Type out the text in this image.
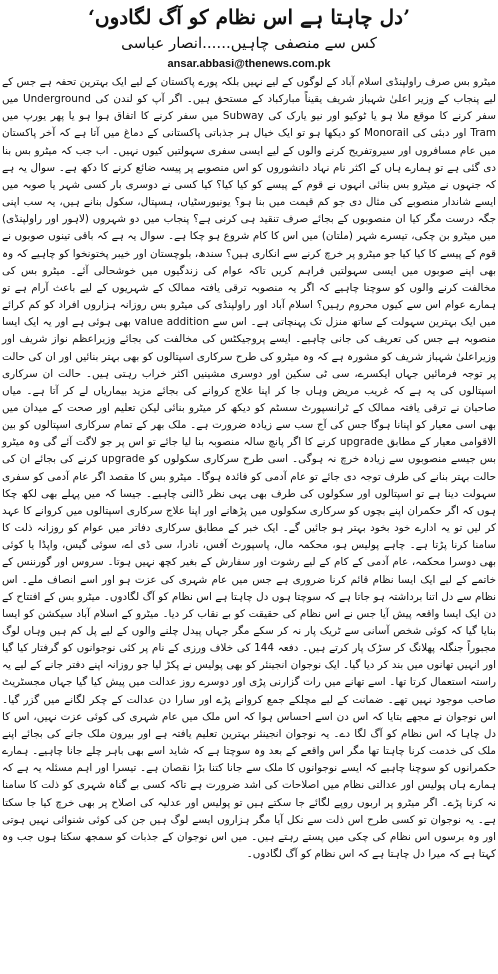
’دل چاہتا ہے اس نظام کو آگ لگادوں‘
کس سے منصفی چاہیں......انصار عباسی
ansar.abbasi@thenews.com.pk

میٹرو بس صرف راولپنڈی اسلام آباد کے لوگوں کے لیے نہیں بلکہ پورے پاکستان کے لیے ایک بہترین تحفہ ہے جس کے لیے پنجاب کے وزیر اعلیٰ شہباز شریف یقیناً مبارکباد کے مستحق ہیں۔ اگر آپ کو لندن کی Underground میں سفر کرنے کا موقع ملا ہو یا ٹوکیو اور نیو یارک کی Subway میں سفر کرنے کا اتفاق ہوا ہو یا پھر یورپ میں Tram اور دبئی کی Monorail کو دیکھا ہو تو ایک خیال ہر جذباتی پاکستانی کے دماغ میں آتا ہے کہ آخر پاکستان میں عام مسافروں اور سیروتفریح کرنے والوں کے لیے ایسی سفری سہولتیں کیوں نہیں۔ اب جب کہ میٹرو بس بنا دی گئی ہے تو ہمارے ہاں کے اکثر نام نہاد دانشوروں کو اس منصوبے پر پیسہ ضائع کرنے کا دکھ ہے۔ سوال یہ ہے کہ جنہوں نے میٹرو بس بنائی انہوں نے قوم کے پیسے کو کیا کیا؟ کیا کسی نے دوسری بار کسی شہر یا صوبہ میں ایسے شاندار منصوبے کی مثال دی جو کم قیمت میں بنا ہو؟ یونیورسٹیاں، ہسپتال، سکول بنانے ہیں، یہ سب اپنی جگہ درست مگر کیا ان منصوبوں کے بجائے صرف تنقید ہی کرنی ہے؟ پنجاب میں دو شہروں (لاہور اور راولپنڈی) میں میٹرو بن چکی، تیسرے شہر (ملتان) میں اس کا کام شروع ہو چکا ہے۔ سوال یہ ہے کہ باقی تینوں صوبوں نے قوم کے پیسے کا کیا کیا جو میٹرو پر خرچ کرنے سے انکاری ہیں؟ سندھ، بلوچستان اور خیبر پختونخوا کو چاہیے کہ وہ بھی اپنے صوبوں میں ایسی سہولتیں فراہم کریں تاکہ عوام کی زندگیوں میں خوشحالی آئے۔ میٹرو بس کی مخالفت کرنے والوں کو سوچنا چاہیے کہ اگر یہ منصوبہ ترقی یافتہ ممالک کے شہریوں کے لیے باعث آرام ہے تو ہمارے عوام اس سے کیوں محروم رہیں؟ اسلام آباد اور راولپنڈی کی میٹرو بس روزانہ ہزاروں افراد کو کم کرائے میں ایک بہترین سہولت کے ساتھ منزل تک پہنچاتی ہے۔ اس سے value addition بھی ہوئی ہے اور یہ ایک ایسا منصوبہ ہے جس کی تعریف کی جانی چاہیے۔ ایسے پروجیکٹس کی مخالفت کی بجائے وزیراعظم نواز شریف اور وزیراعلیٰ شہباز شریف کو مشورہ ہے کہ وہ میٹرو کی طرح سرکاری اسپتالوں کو بھی بہتر بنائیں اور ان کی حالت پر توجہ فرمائیں جہاں ایکسرے، سی ٹی سکین اور دوسری مشینیں اکثر خراب رہتی ہیں۔ حالت ان سرکاری اسپتالوں کی یہ ہے کہ غریب مریض وہاں جا کر اپنا علاج کروانے کی بجائے مزید بیماریاں لے کر آتا ہے۔ میاں صاحبان نے ترقی یافتہ ممالک کے ٹرانسپورٹ سسٹم کو دیکھ کر میٹرو بنائی لیکن تعلیم اور صحت کے میدان میں بھی اسی معیار کو اپنانا ہوگا جس کی آج سب سے زیادہ ضرورت ہے۔ ملک بھر کے تمام سرکاری اسپتالوں کو بین الاقوامی معیار کے مطابق upgrade کرنے کا اگر پانچ سالہ منصوبہ بنا لیا جائے تو اس پر جو لاگت آئے گی وہ میٹرو بس جیسے منصوبوں سے زیادہ خرچ نہ ہوگی۔ اسی طرح سرکاری سکولوں کو upgrade کرنے کی بجائے ان کی حالت بہتر بنانے کی طرف توجہ دی جائے تو عام آدمی کو فائدہ ہوگا۔ میٹرو بس کا مقصد اگر عام آدمی کو سفری سہولت دینا ہے تو اسپتالوں اور سکولوں کی طرف بھی یہی نظر ڈالنی چاہیے۔ جیسا کہ میں پہلے بھی لکھ چکا ہوں کہ اگر حکمران اپنے بچوں کو سرکاری سکولوں میں پڑھانے اور اپنا علاج سرکاری اسپتالوں میں کروانے کا عہد کر لیں تو یہ ادارے خود بخود بہتر ہو جائیں گے۔ ایک خبر کے مطابق سرکاری دفاتر میں عوام کو روزانہ ذلت کا سامنا کرنا پڑتا ہے۔ چاہے پولیس ہو، محکمہ مال، پاسپورٹ آفس، نادرا، سی ڈی اے، سوئی گیس، واپڈا یا کوئی بھی دوسرا محکمہ، عام آدمی کے کام کے لیے رشوت اور سفارش کے بغیر کچھ نہیں ہوتا۔ سروس اور گورننس کے خاتمے کے لیے ایک ایسا نظام قائم کرنا ضروری ہے جس میں عام شہری کی عزت ہو اور اسے انصاف ملے۔ اس نظام سے دل اتنا برداشتہ ہو جاتا ہے کہ سوچتا ہوں دل چاہتا ہے اس نظام کو آگ لگادوں۔ میٹرو بس کے افتتاح کے دن ایک ایسا واقعہ پیش آیا جس نے اس نظام کی حقیقت کو بے نقاب کر دیا۔ میٹرو کے اسلام آباد سیکشن کو ایسا بنایا گیا کہ کوئی شخص آسانی سے ٹریک پار نہ کر سکے مگر جہاں پیدل چلنے والوں کے لیے پل کم ہیں وہاں لوگ مجبوراً جنگلہ پھلانگ کر سڑک پار کرتے ہیں۔ دفعہ 144 کی خلاف ورزی کے نام پر کئی نوجوانوں کو گرفتار کیا گیا اور انہیں تھانوں میں بند کر دیا گیا۔ ایک نوجوان انجینئر کو بھی پولیس نے پکڑ لیا جو روزانہ اپنے دفتر جانے کے لیے یہ راستہ استعمال کرتا تھا۔ اسے تھانے میں رات گزارنی پڑی اور دوسرے روز عدالت میں پیش کیا گیا جہاں مجسٹریٹ صاحب موجود نہیں تھے۔ ضمانت کے لیے مچلکے جمع کروانے پڑے اور سارا دن عدالت کے چکر لگانے میں گزر گیا۔ اس نوجوان نے مجھے بتایا کہ اس دن اسے احساس ہوا کہ اس ملک میں عام شہری کی کوئی عزت نہیں، اس کا دل چاہا کہ اس نظام کو آگ لگا دے۔ یہ نوجوان انجینئر بہترین تعلیم یافتہ ہے اور بیرون ملک جانے کی بجائے اپنے ملک کی خدمت کرنا چاہتا تھا مگر اس واقعے کے بعد وہ سوچتا ہے کہ شاید اسے بھی باہر چلے جانا چاہیے۔ ہمارے حکمرانوں کو سوچنا چاہیے کہ ایسے نوجوانوں کا ملک سے جانا کتنا بڑا نقصان ہے۔ تیسرا اور اہم مسئلہ یہ ہے کہ ہمارے ہاں پولیس اور عدالتی نظام میں اصلاحات کی اشد ضرورت ہے تاکہ کسی بے گناہ شہری کو ذلت کا سامنا نہ کرنا پڑے۔ اگر میٹرو پر اربوں روپے لگائے جا سکتے ہیں تو پولیس اور عدلیہ کی اصلاح پر بھی خرچ کیا جا سکتا ہے۔ یہ نوجوان تو کسی طرح اس ذلت سے نکل آیا مگر ہزاروں ایسے لوگ ہیں جن کی کوئی شنوائی نہیں ہوتی اور وہ برسوں اس نظام کی چکی میں پستے رہتے ہیں۔ میں اس نوجوان کے جذبات کو سمجھ سکتا ہوں جب وہ کہتا ہے کہ میرا دل چاہتا ہے کہ اس نظام کو آگ لگادوں۔
